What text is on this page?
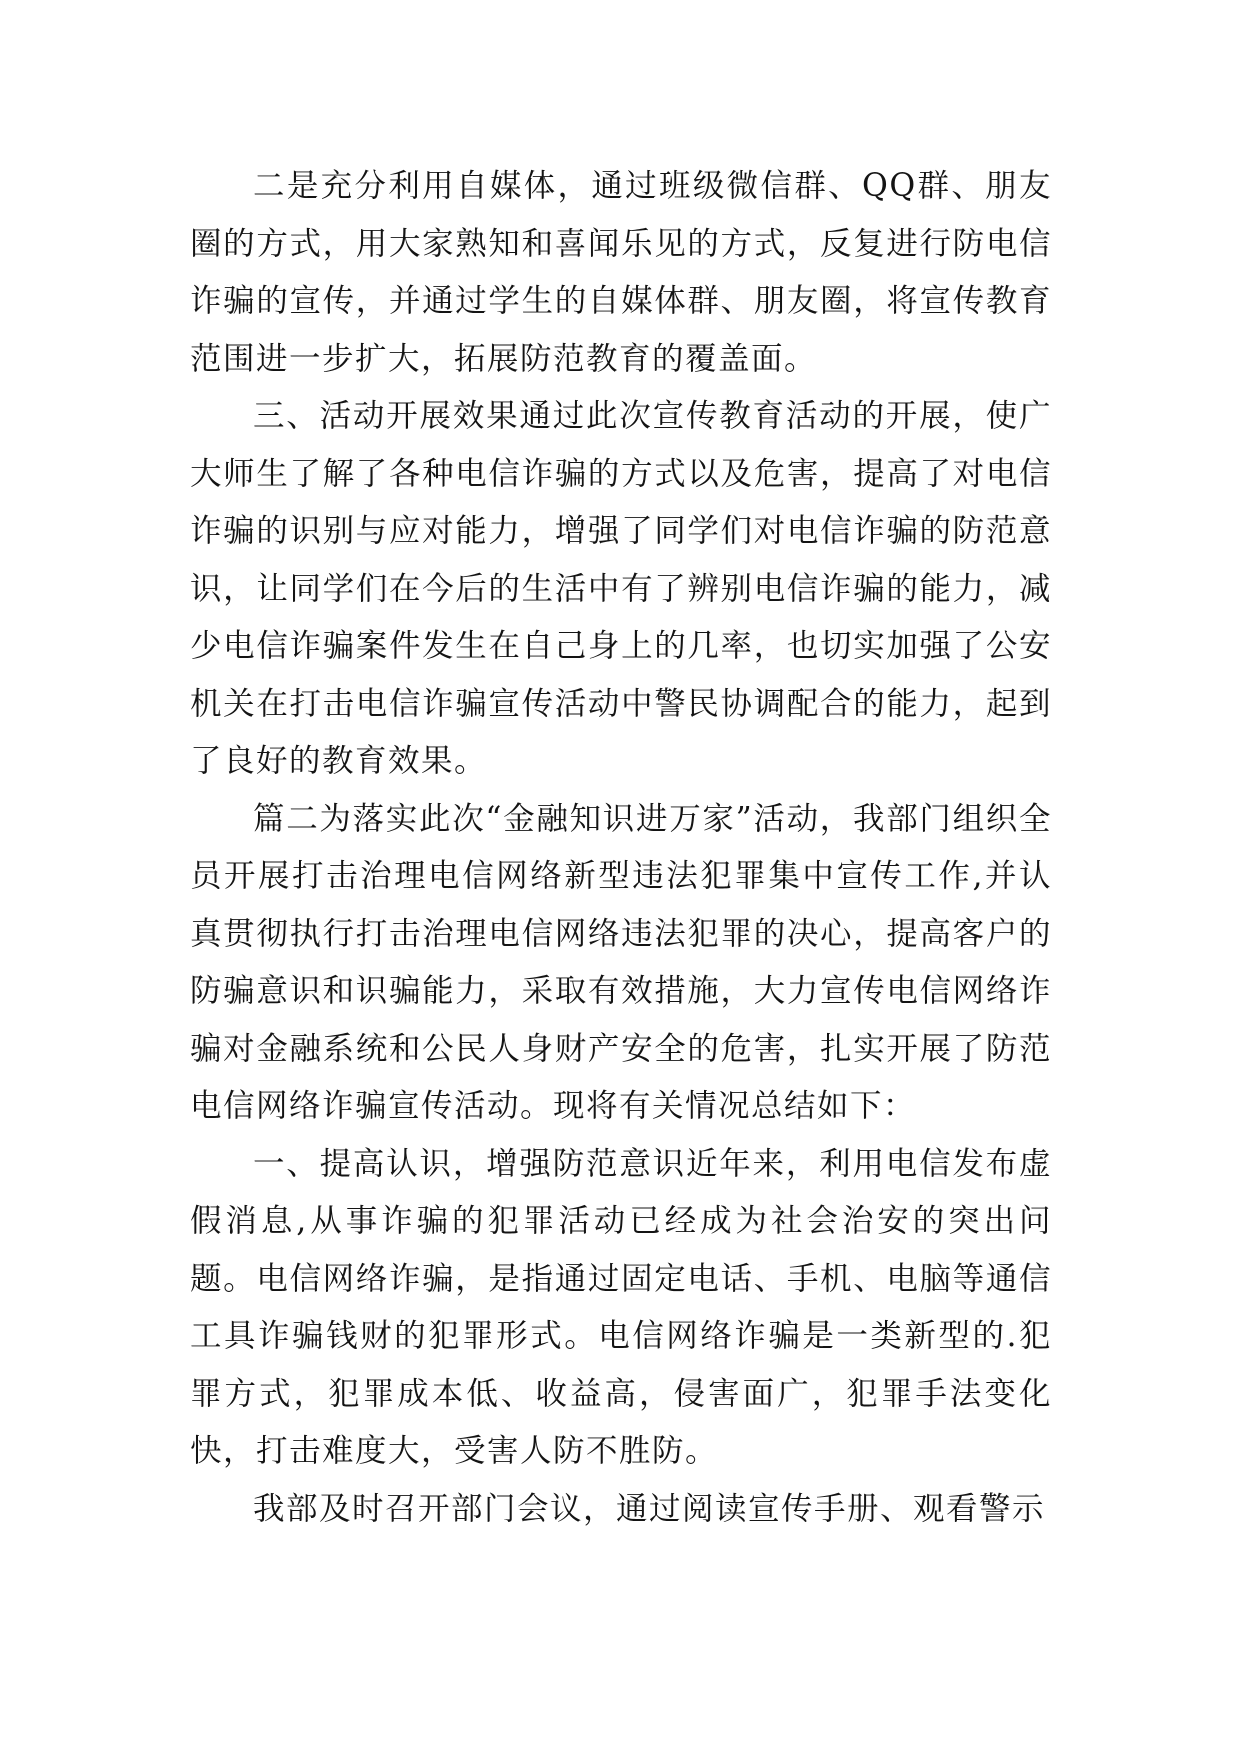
二是充分利用自媒体，通过班级微信群、QQ群、朋友圈的方式，用大家熟知和喜闻乐见的方式，反复进行防电信诈骗的宣传，并通过学生的自媒体群、朋友圈，将宣传教育范围进一步扩大，拓展防范教育的覆盖面。

三、活动开展效果通过此次宣传教育活动的开展，使广大师生了解了各种电信诈骗的方式以及危害，提高了对电信诈骗的识别与应对能力，增强了同学们对电信诈骗的防范意识，让同学们在今后的生活中有了辨别电信诈骗的能力，减少电信诈骗案件发生在自己身上的几率，也切实加强了公安机关在打击电信诈骗宣传活动中警民协调配合的能力，起到了良好的教育效果。

篇二为落实此次“金融知识进万家”活动，我部门组织全员开展打击治理电信网络新型违法犯罪集中宣传工作,并认真贯彻执行打击治理电信网络违法犯罪的决心，提高客户的防骗意识和识骗能力，采取有效措施，大力宣传电信网络诈骗对金融系统和公民人身财产安全的危害，扎实开展了防范电信网络诈骗宣传活动。现将有关情况总结如下：

一、提高认识，增强防范意识近年来，利用电信发布虚假消息,从事诈骗的犯罪活动已经成为社会治安的突出问题。电信网络诈骗，是指通过固定电话、手机、电脑等通信工具诈骗钱财的犯罪形式。电信网络诈骗是一类新型的.犯罪方式，犯罪成本低、收益高，侵害面广，犯罪手法变化快，打击难度大，受害人防不胜防。

我部及时召开部门会议，通过阅读宣传手册、观看警示
